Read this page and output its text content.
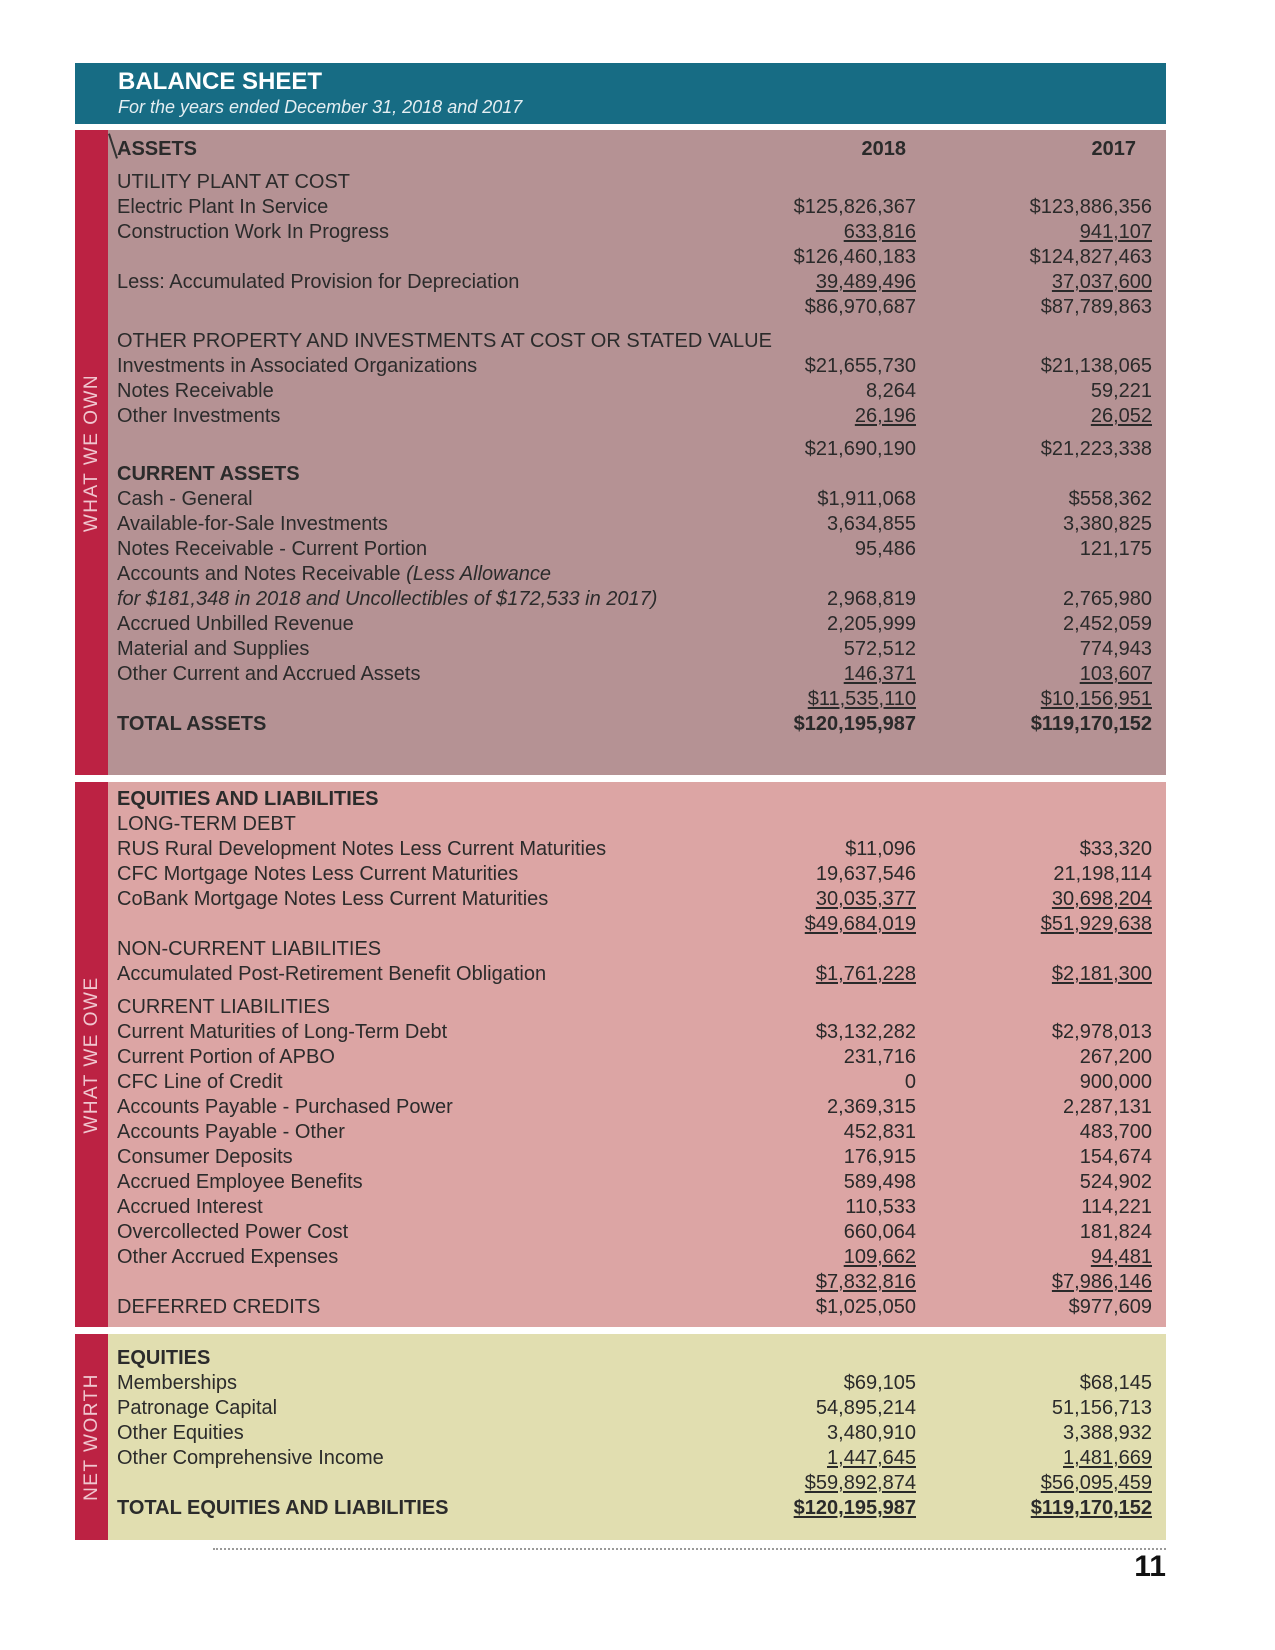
BALANCE SHEET
For the years ended December 31, 2018 and 2017
WHAT WE OWN
ASSETS	2018	2017
UTILITY PLANT AT COST
Electric Plant In Service	$125,826,367	$123,886,356
Construction Work In Progress	633,816	941,107
$126,460,183	$124,827,463
Less: Accumulated Provision for Depreciation	39,489,496	37,037,600
$86,970,687	$87,789,863
OTHER PROPERTY AND INVESTMENTS AT COST OR STATED VALUE
Investments in Associated Organizations	$21,655,730	$21,138,065
Notes Receivable	8,264	59,221
Other Investments	26,196	26,052
$21,690,190	$21,223,338
CURRENT ASSETS
Cash - General	$1,911,068	$558,362
Available-for-Sale Investments	3,634,855	3,380,825
Notes Receivable - Current Portion	95,486	121,175
Accounts and Notes Receivable (Less Allowance
for $181,348 in 2018 and Uncollectibles of $172,533 in 2017)	2,968,819	2,765,980
Accrued Unbilled Revenue	2,205,999	2,452,059
Material and Supplies	572,512	774,943
Other Current and Accrued Assets	146,371	103,607
$11,535,110	$10,156,951
TOTAL ASSETS	$120,195,987	$119,170,152
WHAT WE OWE
EQUITIES AND LIABILITIES
LONG-TERM DEBT
RUS Rural Development Notes Less Current Maturities	$11,096	$33,320
CFC Mortgage Notes Less Current Maturities	19,637,546	21,198,114
CoBank Mortgage Notes Less Current Maturities	30,035,377	30,698,204
$49,684,019	$51,929,638
NON-CURRENT LIABILITIES
Accumulated Post-Retirement Benefit Obligation	$1,761,228	$2,181,300
CURRENT LIABILITIES
Current Maturities of Long-Term Debt	$3,132,282	$2,978,013
Current Portion of APBO	231,716	267,200
CFC Line of Credit	0	900,000
Accounts Payable - Purchased Power	2,369,315	2,287,131
Accounts Payable - Other	452,831	483,700
Consumer Deposits	176,915	154,674
Accrued Employee Benefits	589,498	524,902
Accrued Interest	110,533	114,221
Overcollected Power Cost	660,064	181,824
Other Accrued Expenses	109,662	94,481
$7,832,816	$7,986,146
DEFERRED CREDITS	$1,025,050	$977,609
NET WORTH
EQUITIES
Memberships	$69,105	$68,145
Patronage Capital	54,895,214	51,156,713
Other Equities	3,480,910	3,388,932
Other Comprehensive Income	1,447,645	1,481,669
$59,892,874	$56,095,459
TOTAL EQUITIES AND LIABILITIES	$120,195,987	$119,170,152
11
